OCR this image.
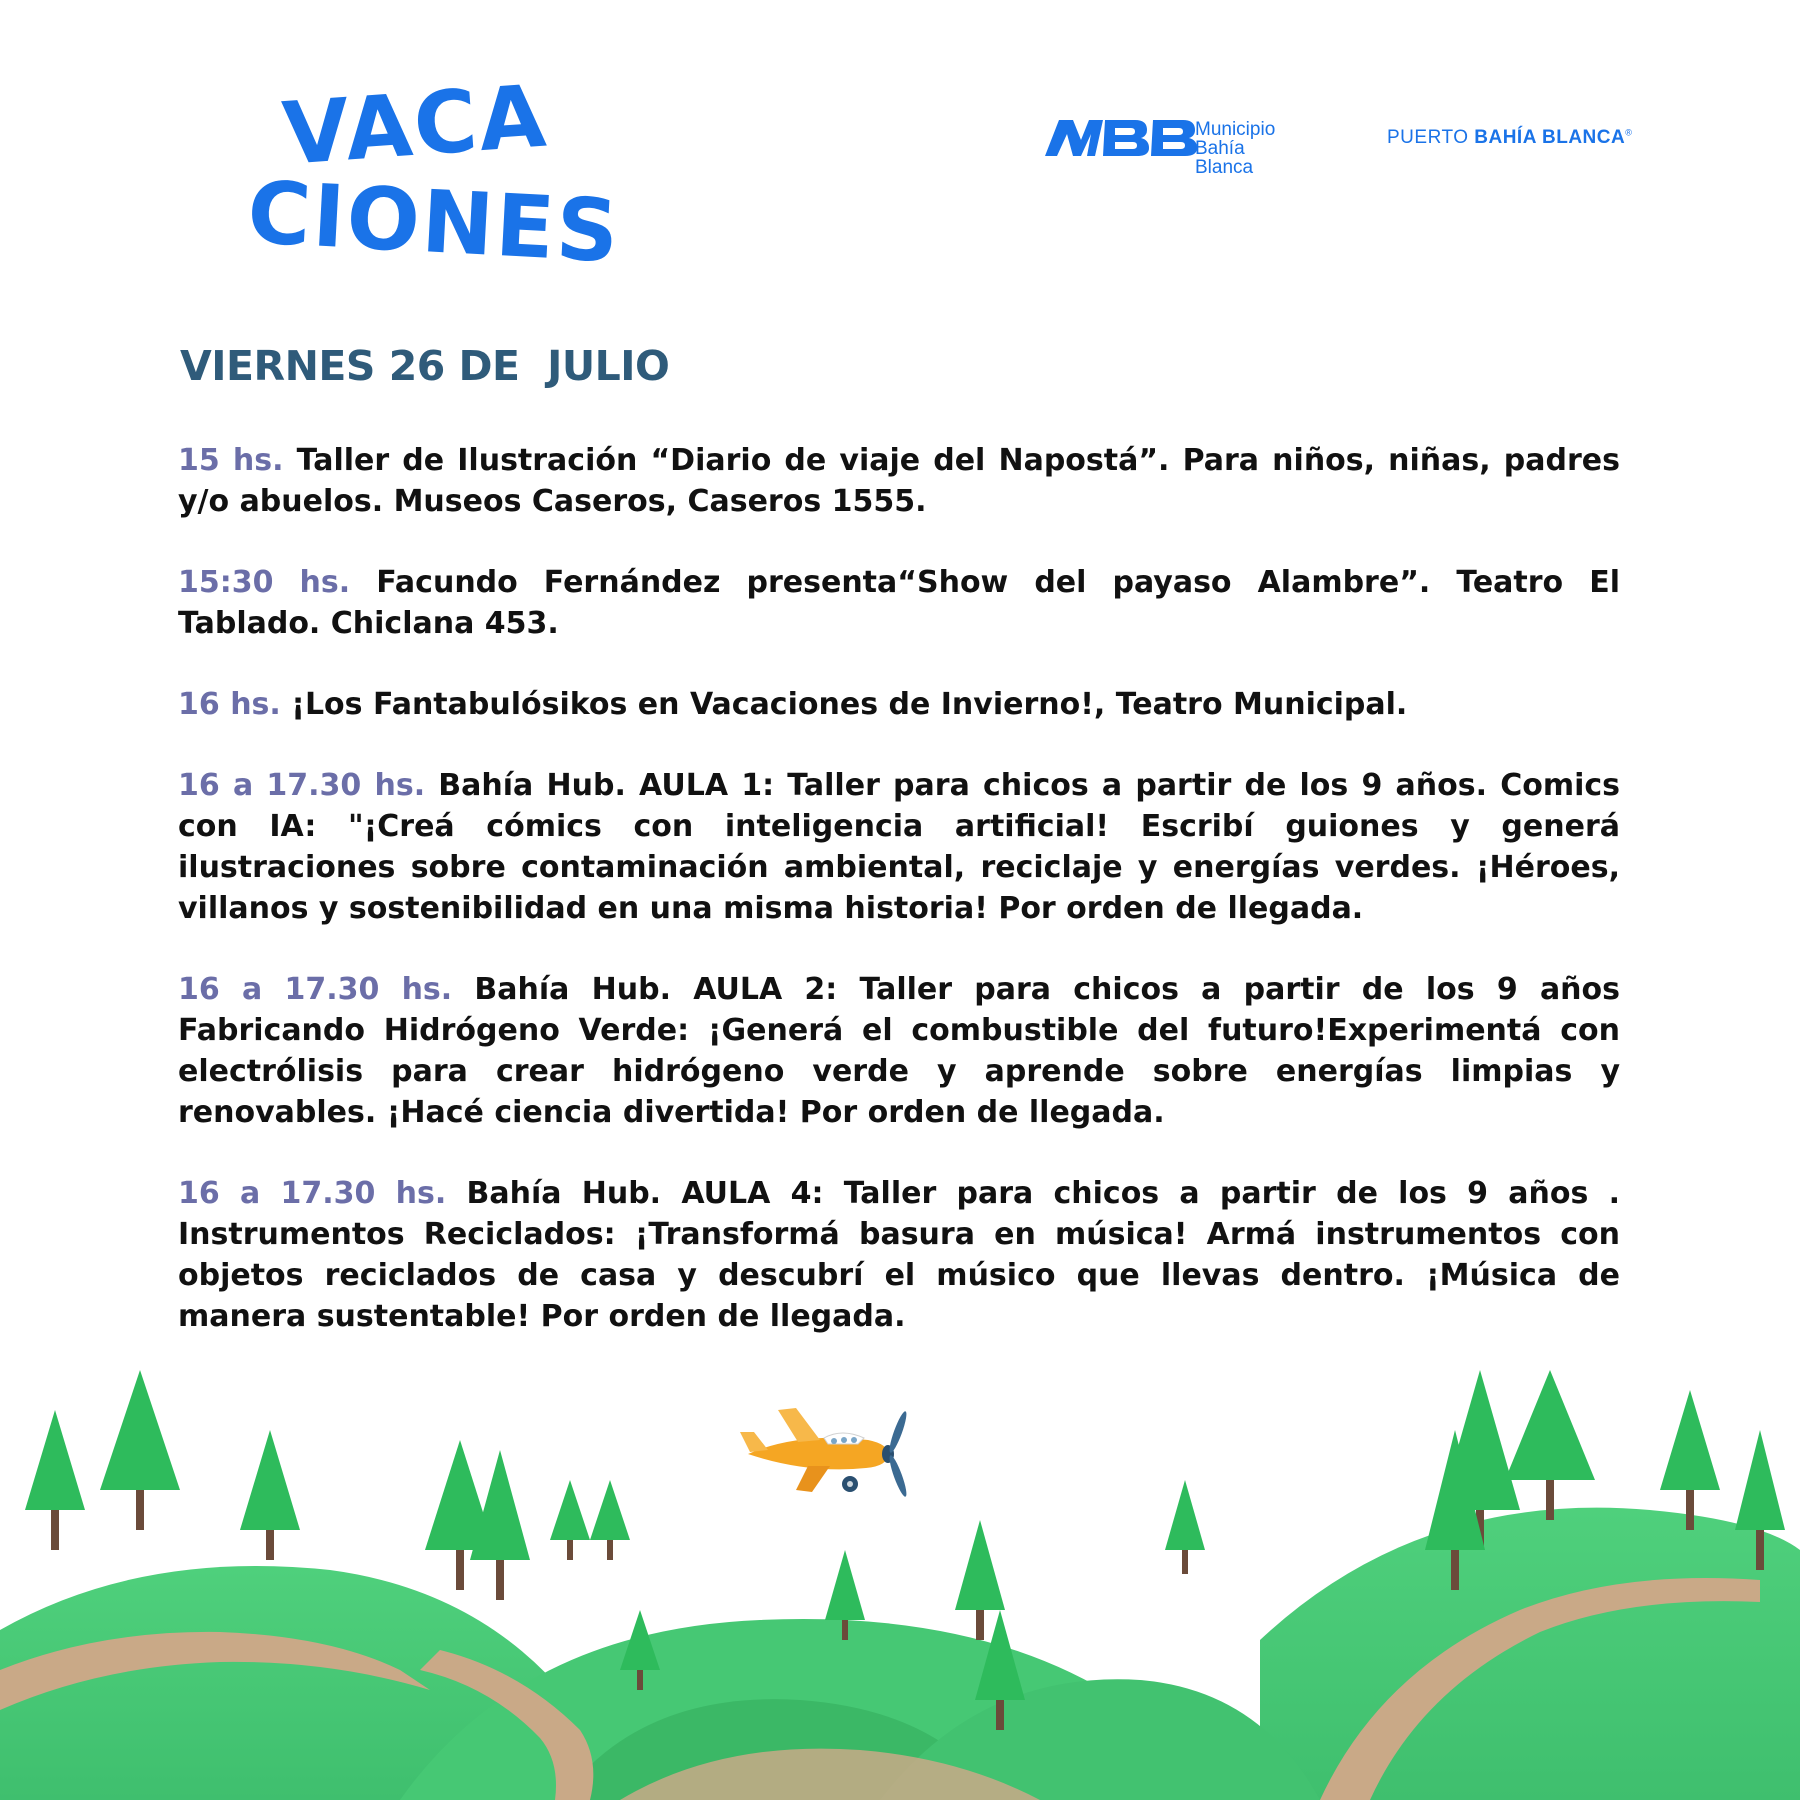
VACA
CIONES
Municipio
Bahía
Blanca
PUERTO BAHÍA BLANCA®
VIERNES 26 DE  JULIO

15 hs. Taller de Ilustración “Diario de viaje del Napostá”. Para niños, niñas, padres y/o abuelos. Museos Caseros, Caseros 1555.

15:30 hs. Facundo Fernández presenta“Show del payaso Alambre”. Teatro El Tablado. Chiclana 453.

16 hs. ¡Los Fantabulósikos en Vacaciones de Invierno!, Teatro Municipal.

16 a 17.30 hs. Bahía Hub. AULA 1: Taller para chicos a partir de los 9 años. Comics con IA: "¡Creá cómics con inteligencia artificial! Escribí guiones y generá ilustraciones sobre contaminación ambiental, reciclaje y energías verdes. ¡Héroes, villanos y sostenibilidad en una misma historia! Por orden de llegada.

16 a 17.30 hs. Bahía Hub. AULA 2: Taller para chicos a partir de los 9 años Fabricando Hidrógeno Verde: ¡Generá el combustible del futuro!Experimentá con electrólisis para crear hidrógeno verde y aprende sobre energías limpias y renovables. ¡Hacé ciencia divertida! Por orden de llegada.

16 a 17.30 hs. Bahía Hub. AULA 4: Taller para chicos a partir de los 9 años . Instrumentos Reciclados: ¡Transformá basura en música! Armá instrumentos con objetos reciclados de casa y descubrí el músico que llevas dentro. ¡Música de manera sustentable! Por orden de llegada.
